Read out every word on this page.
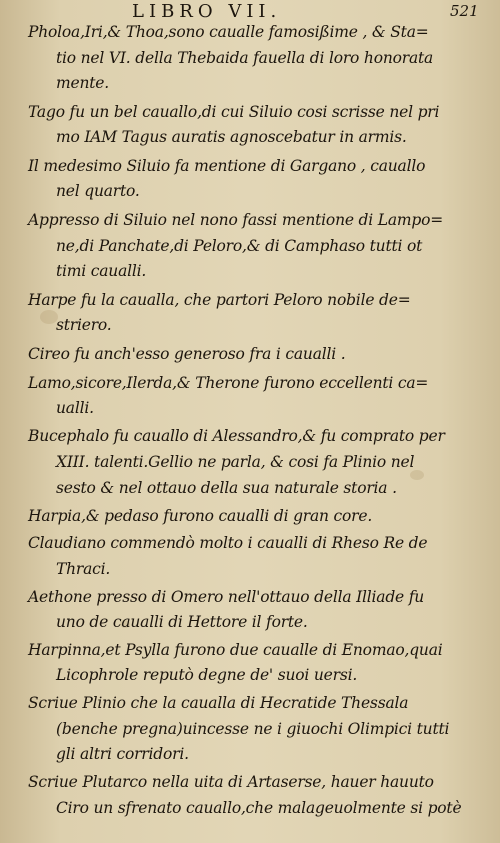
LIBRO VII.	521
Pholoa,Iri,& Thoa,sono caualle famosißime , & Sta=
tio nel VI. della Thebaida fauella di loro honorata
mente.
Tago fu un bel cauallo,di cui Siluio cosi scrisse nel pri
mo IAM Tagus auratis agnoscebatur in armis.
Il medesimo Siluio fa mentione di Gargano , cauallo
nel quarto.
Appresso di Siluio nel nono fassi mentione di Lampo=
ne,di Panchate,di Peloro,& di Camphaso tutti ot
timi caualli.
Harpe fu la caualla, che partori Peloro nobile de=
striero.
Cireo fu anch'esso generoso fra i caualli .
Lamo,sicore,Ilerda,& Therone furono eccellenti ca=
ualli.
Bucephalo fu cauallo di Alessandro,& fu comprato per
XIII. talenti.Gellio ne parla, & cosi fa Plinio nel
sesto & nel ottauo della sua naturale storia .
Harpia,& pedaso furono caualli di gran core.
Claudiano commendò molto i caualli di Rheso Re de
Thraci.
Aethone presso di Omero nell'ottauo della Illiade fu
uno de caualli di Hettore il forte.
Harpinna,et Psylla furono due caualle di Enomao,quai
Licophrole reputò degne de' suoi uersi.
Scriue Plinio che la caualla di Hecratide Thessala
(benche pregna)uincesse ne i giuochi Olimpici tutti
gli altri corridori.
Scriue Plutarco nella uita di Artaserse, hauer hauuto
Ciro un sfrenato cauallo,che malageuolmente si potè
